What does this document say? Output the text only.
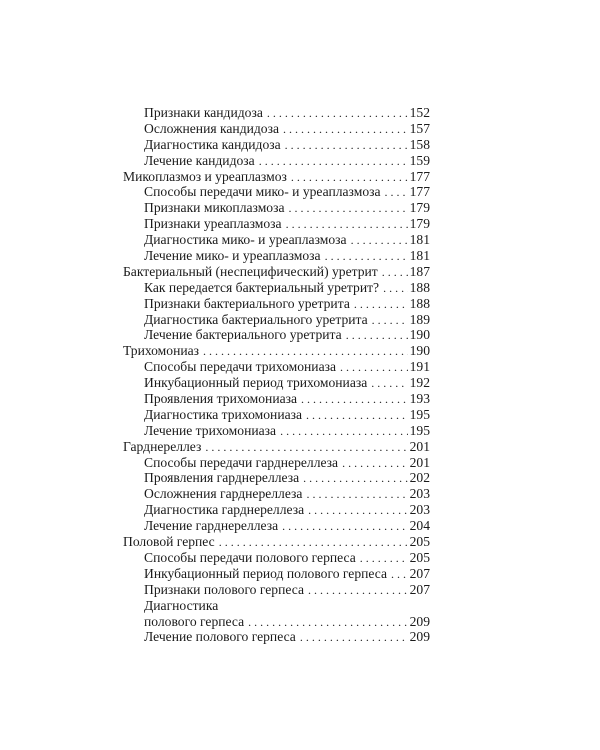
Признаки кандидоза . . .	152
Осложнения кандидоза . . .	157
Диагностика кандидоза . . .	158
Лечение кандидоза . . .	159
Микоплазмоз и уреаплазмоз . . .	177
Способы передачи мико- и уреаплазмоза . . . 177
Признаки микоплазмоза . . .	179
Признаки уреаплазмоза . . .	179
Диагностика мико- и уреаплазмоза . . .	181
Лечение мико- и уреаплазмоза . . .	181
Бактериальный (неспецифический) уретрит . . . 187
Как передается бактериальный уретрит? . . . 188
Признаки бактериального уретрита . . .	188
Диагностика бактериального уретрита . . .	189
Лечение бактериального уретрита . . .	190
Трихомониаз . . .	190
Способы передачи трихомониаза . . .	191
Инкубационный период трихомониаза . . .	192
Проявления трихомониаза . . .	193
Диагностика трихомониаза . . .	195
Лечение трихомониаза . . .	195
Гарднереллез . . .	201
Способы передачи гарднереллеза . . .	201
Проявления гарднереллеза . . .	202
Осложнения гарднереллеза . . .	203
Диагностика гарднереллеза . . .	203
Лечение гарднереллеза . . .	204
Половой герпес . . .	205
Способы передачи полового герпеса . . .	205
Инкубационный период полового герпеса . . . 207
Признаки полового герпеса . . .	207
Диагностика
полового герпеса . . .	209
Лечение полового герпеса . . .	209
